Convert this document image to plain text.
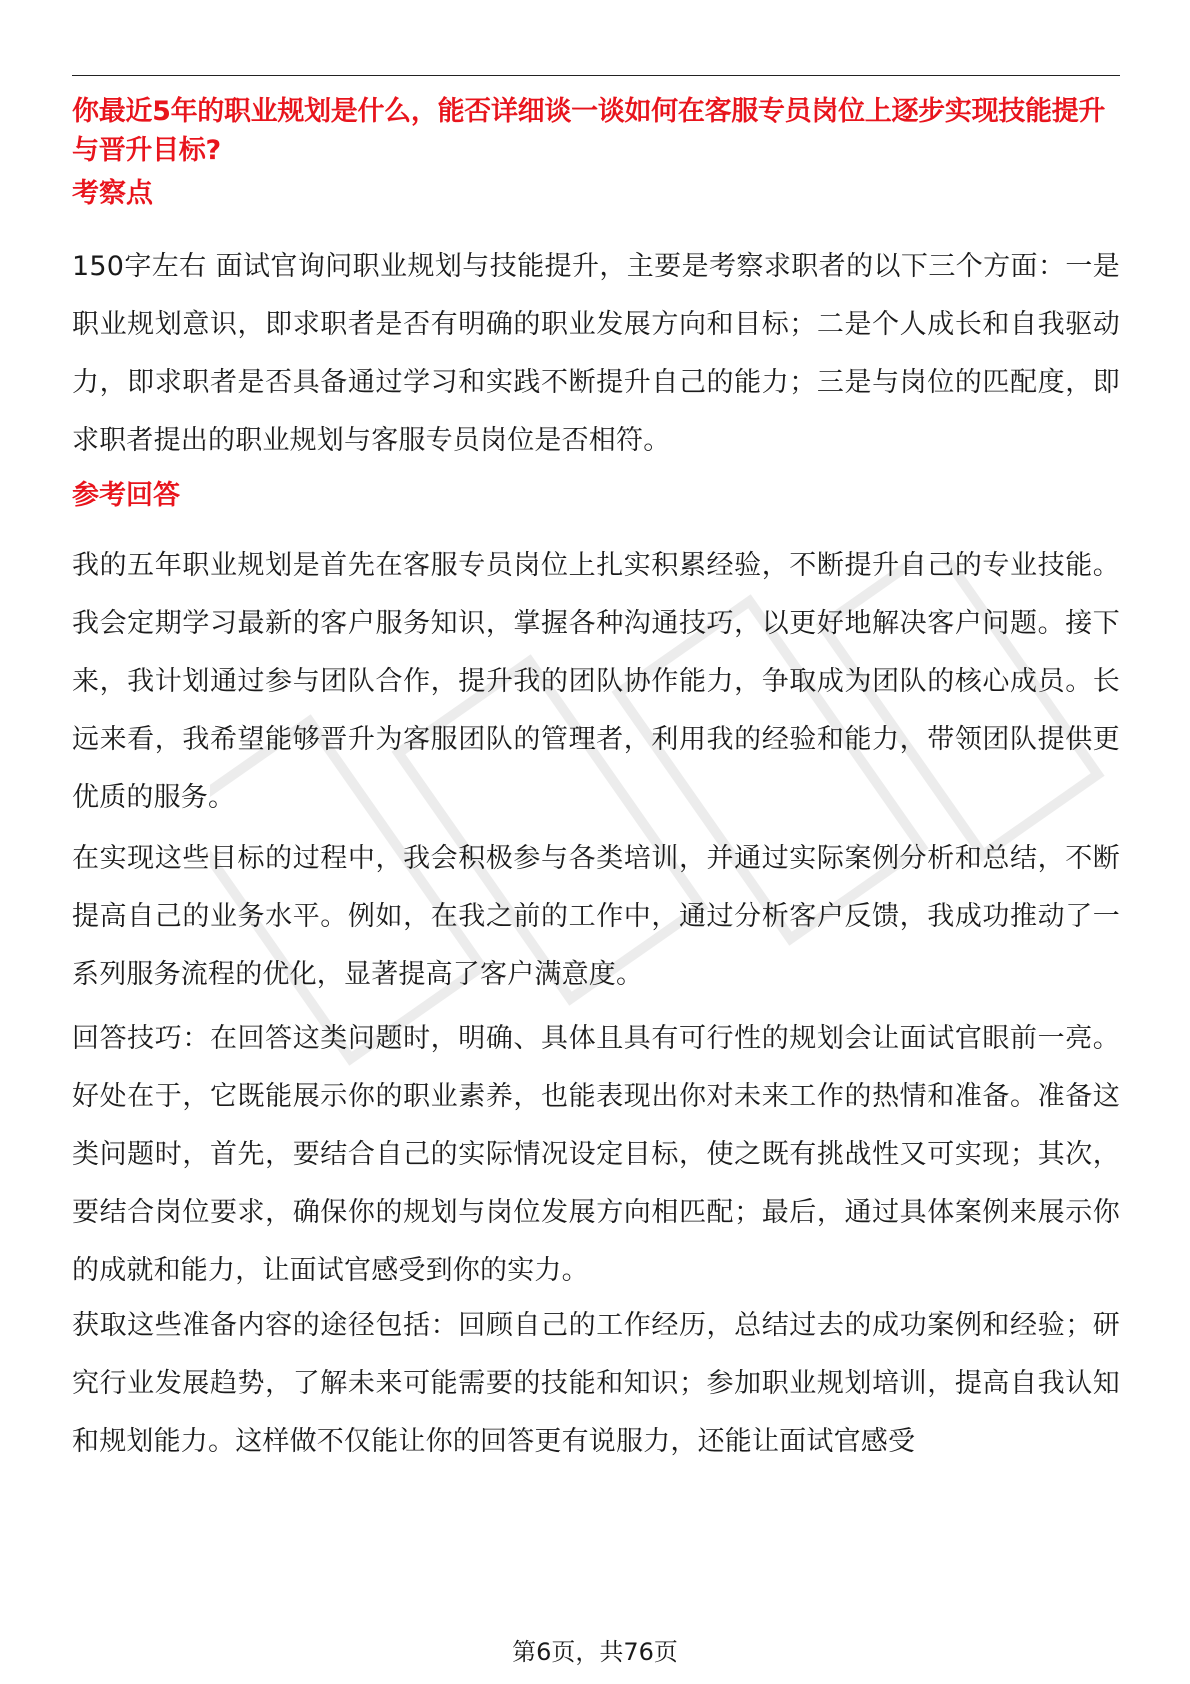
你最近5年的职业规划是什么，能否详细谈一谈如何在客服专员岗位上逐步实现技能提升与晋升目标?
考察点
150字左右 面试官询问职业规划与技能提升，主要是考察求职者的以下三个方面：一是职业规划意识，即求职者是否有明确的职业发展方向和目标；二是个人成长和自我驱动力，即求职者是否具备通过学习和实践不断提升自己的能力；三是与岗位的匹配度，即求职者提出的职业规划与客服专员岗位是否相符。
参考回答
我的五年职业规划是首先在客服专员岗位上扎实积累经验，不断提升自己的专业技能。我会定期学习最新的客户服务知识，掌握各种沟通技巧，以更好地解决客户问题。接下来，我计划通过参与团队合作，提升我的团队协作能力，争取成为团队的核心成员。长远来看，我希望能够晋升为客服团队的管理者，利用我的经验和能力，带领团队提供更优质的服务。
在实现这些目标的过程中，我会积极参与各类培训，并通过实际案例分析和总结，不断提高自己的业务水平。例如，在我之前的工作中，通过分析客户反馈，我成功推动了一系列服务流程的优化，显著提高了客户满意度。
回答技巧：在回答这类问题时，明确、具体且具有可行性的规划会让面试官眼前一亮。好处在于，它既能展示你的职业素养，也能表现出你对未来工作的热情和准备。准备这类问题时，首先，要结合自己的实际情况设定目标，使之既有挑战性又可实现；其次，要结合岗位要求，确保你的规划与岗位发展方向相匹配；最后，通过具体案例来展示你的成就和能力，让面试官感受到你的实力。
获取这些准备内容的途径包括：回顾自己的工作经历，总结过去的成功案例和经验；研究行业发展趋势，了解未来可能需要的技能和知识；参加职业规划培训，提高自我认知和规划能力。这样做不仅能让你的回答更有说服力，还能让面试官感受
第6页，共76页
